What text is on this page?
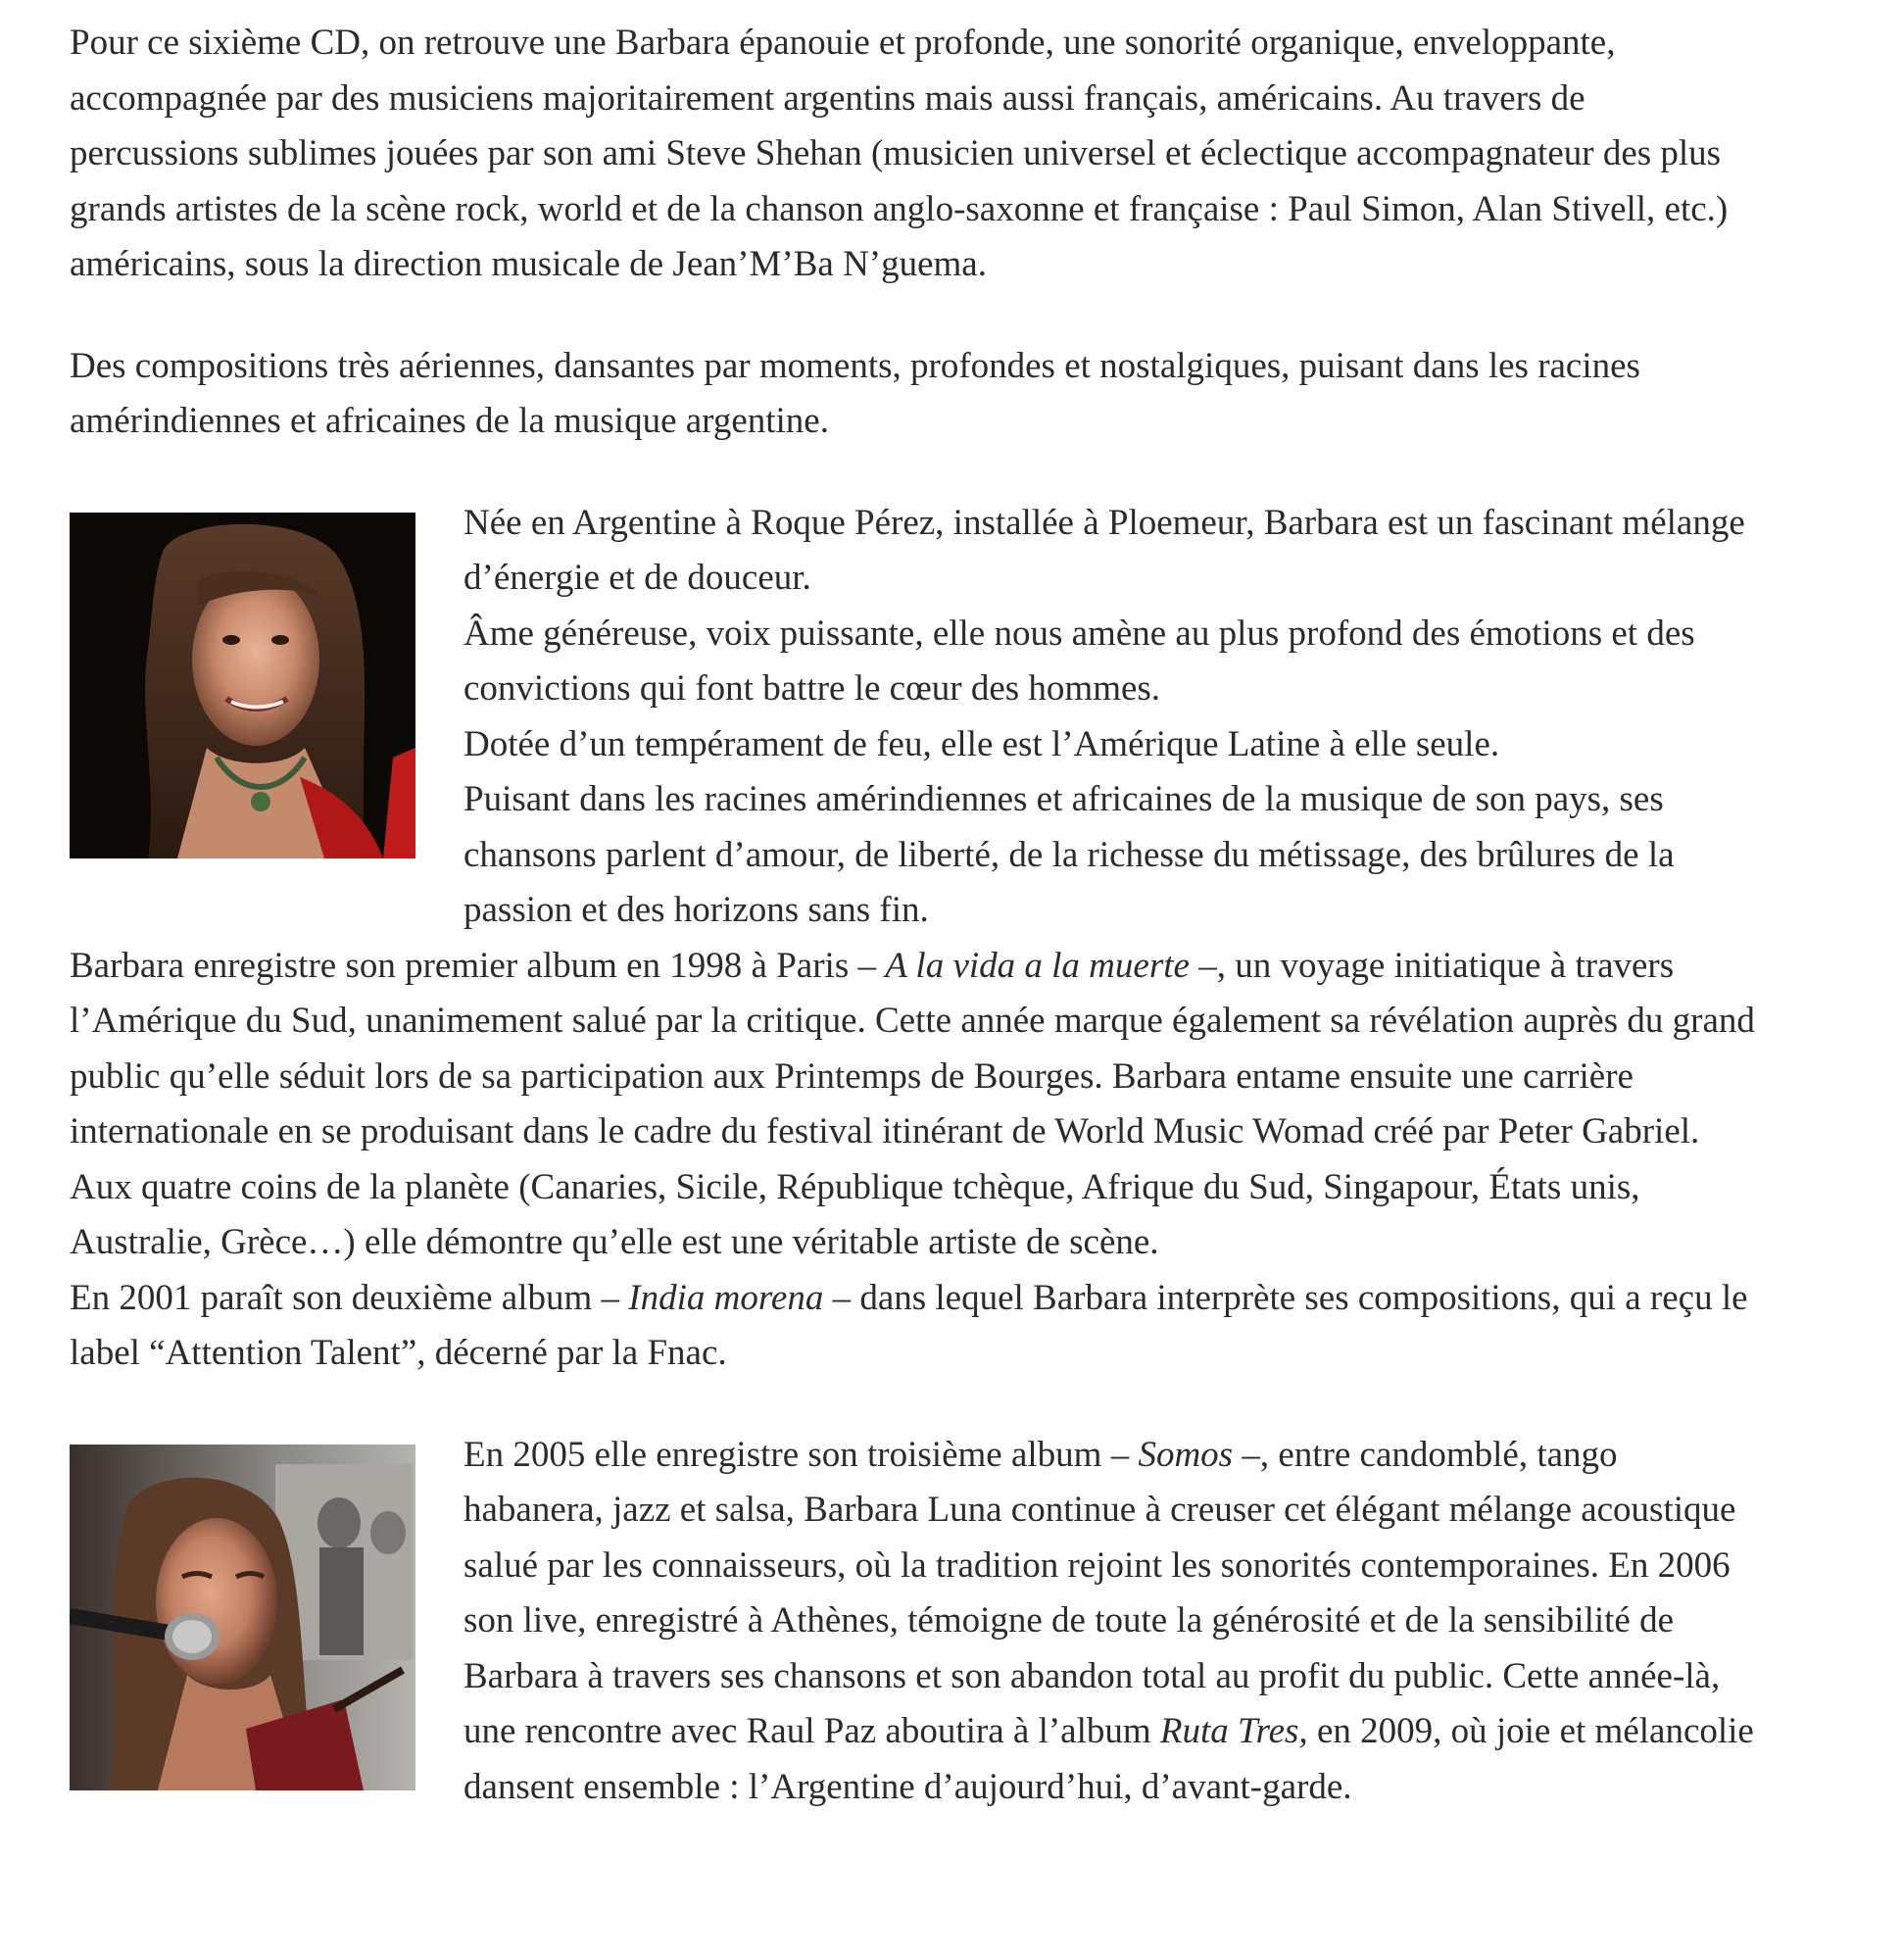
Pour ce sixième CD, on retrouve une Barbara épanouie et profonde, une sonorité organique, enveloppante, accompagnée par des musiciens majoritairement argentins mais aussi français, américains. Au travers de percussions sublimes jouées par son ami Steve Shehan (musicien universel et éclectique accompagnateur des plus grands artistes de la scène rock, world et de la chanson anglo-saxonne et française : Paul Simon, Alan Stivell, etc.) américains, sous la direction musicale de Jean’M’Ba N’guema.

Des compositions très aériennes, dansantes par moments, profondes et nostalgiques, puisant dans les racines amérindiennes et africaines de la musique argentine.

Née en Argentine à Roque Pérez, installée à Ploemeur, Barbara est un fascinant mélange d’énergie et de douceur.

Âme généreuse, voix puissante, elle nous amène au plus profond des émotions et des convictions qui font battre le cœur des hommes.

Dotée d’un tempérament de feu, elle est l’Amérique Latine à elle seule.

Puisant dans les racines amérindiennes et africaines de la musique de son pays, ses chansons parlent d’amour, de liberté, de la richesse du métissage, des brûlures de la passion et des horizons sans fin.

Barbara enregistre son premier album en 1998 à Paris – A la vida a la muerte –, un voyage initiatique à travers l’Amérique du Sud, unanimement salué par la critique. Cette année marque également sa révélation auprès du grand public qu’elle séduit lors de sa participation aux Printemps de Bourges. Barbara entame ensuite une carrière internationale en se produisant dans le cadre du festival itinérant de World Music Womad créé par Peter Gabriel.

Aux quatre coins de la planète (Canaries, Sicile, République tchèque, Afrique du Sud, Singapour, États unis, Australie, Grèce…) elle démontre qu’elle est une véritable artiste de scène.

En 2001 paraît son deuxième album – India morena – dans lequel Barbara interprète ses compositions, qui a reçu le label “Attention Talent”, décerné par la Fnac.

En 2005 elle enregistre son troisième album – Somos –, entre candomblé, tango habanera, jazz et salsa, Barbara Luna continue à creuser cet élégant mélange acoustique salué par les connaisseurs, où la tradition rejoint les sonorités contemporaines. En 2006 son live, enregistré à Athènes, témoigne de toute la générosité et de la sensibilité de Barbara à travers ses chansons et son abandon total au profit du public. Cette année-là, une rencontre avec Raul Paz aboutira à l’album Ruta Tres, en 2009, où joie et mélancolie dansent ensemble : l’Argentine d’aujourd’hui, d’avant-garde.
